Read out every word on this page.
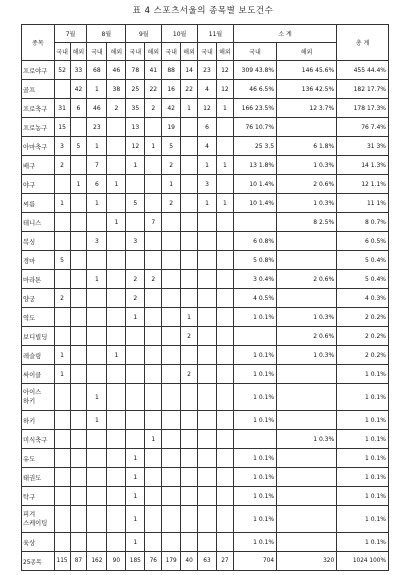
표 4 스포츠서울의 종목별 보도건수
종목	7월		8월		9월		10월		11월		소 계		총 계
	국내	해외	국내	해외	국내	해외	국내	해외	국내	해외	국내	해외	
프로야구	52	33	68	46	78	41	88	14	23	12	309 43.8%	146 45.6%	455 44.4%
골프		42	1	38	25	22	16	22	4	12	46 6.5%	136 42.5%	182 17.7%
프로축구	31	6	46	2	35	2	42	1	12	1	166 23.5%	12 3.7%	178 17.3%
프로농구	15		23		13		19		6		76 10.7%		76 7.4%
아마축구	3	5	1		12	1	5		4		25 3.5	6 1.8%	31 3%
배구	2		7		1		2		1	1	13 1.8%	1 0.3%	14 1.3%
야구		1	6	1			1		3		10 1.4%	2 0.6%	12 1.1%
씨름	1		1		5		2		1	1	10 1.4%	1 0.3%	11 1%
테니스				1		7						8 2.5%	8 0.7%
복싱			3		3						6 0.8%		6 0.5%
경마	5										5 0.8%		5 0.4%
마라톤			1		2	2					3 0.4%	2 0.6%	5 0.4%
양궁	2				2						4 0.5%		4 0.3%
역도					1			1			1 0.1%	1 0.3%	2 0.2%
보디빌딩								2				2 0.6%	2 0.2%
레슬링	1			1							1 0.1%	1 0.3%	2 0.2%
싸이클	1							2			1 0.1%		1 0.1%
아이스
하키			1								1 0.1%		1 0.1%
하키			1								1 0.1%		1 0.1%
미식축구						1						1 0.3%	1 0.1%
유도					1						1 0.1%		1 0.1%
태권도					1						1 0.1%		1 0.1%
탁구					1						1 0.1%		1 0.1%
피겨
스케이팅					1						1 0.1%		1 0.1%
육상					1						1 0.1%		1 0.1%
25종목	115	87	162	90	185	76	179	40	63	27	704	320	1024 100%
